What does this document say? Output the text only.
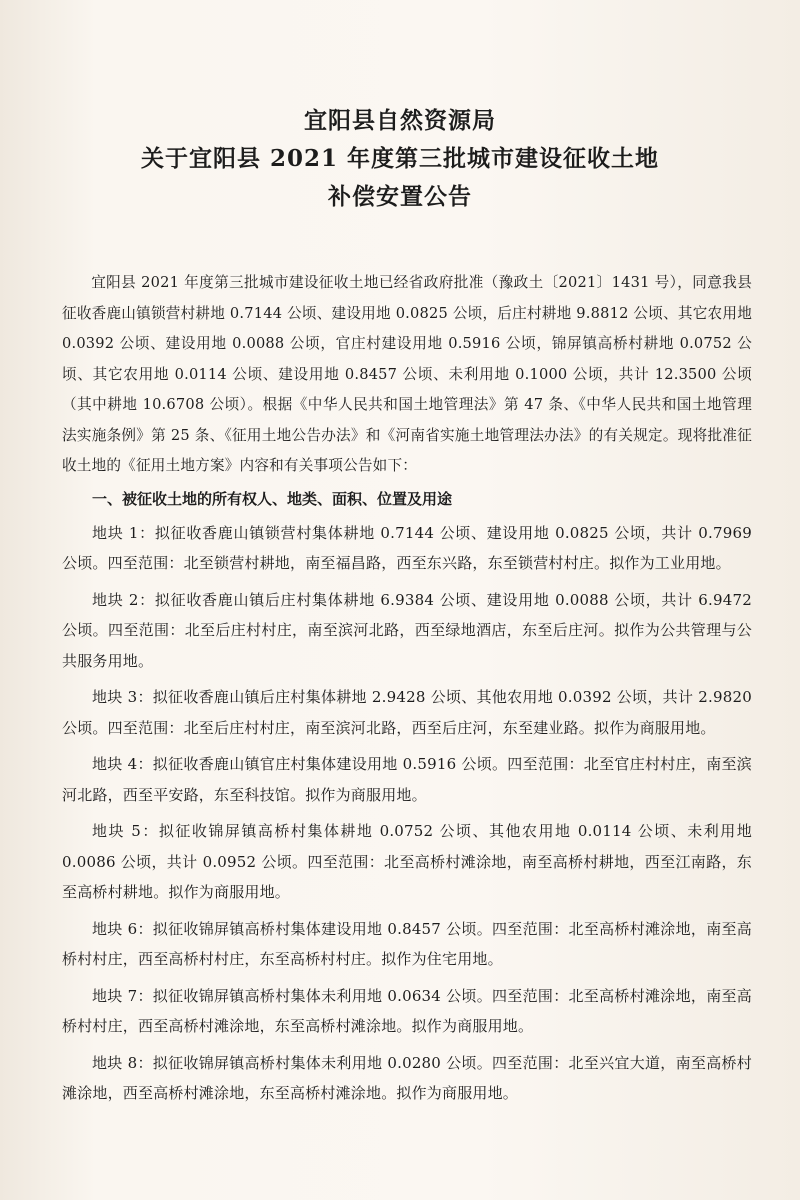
宜阳县自然资源局
关于宜阳县 2021 年度第三批城市建设征收土地
补偿安置公告

宜阳县 2021 年度第三批城市建设征收土地已经省政府批准（豫政土〔2021〕1431 号），同意我县征收香鹿山镇锁营村耕地 0.7144 公顷、建设用地 0.0825 公顷，后庄村耕地 9.8812 公顷、其它农用地 0.0392 公顷、建设用地 0.0088 公顷，官庄村建设用地 0.5916 公顷，锦屏镇高桥村耕地 0.0752 公顷、其它农用地 0.0114 公顷、建设用地 0.8457 公顷、未利用地 0.1000 公顷，共计 12.3500 公顷（其中耕地 10.6708 公顷）。根据《中华人民共和国土地管理法》第 47 条、《中华人民共和国土地管理法实施条例》第 25 条、《征用土地公告办法》和《河南省实施土地管理法办法》的有关规定。现将批准征收土地的《征用土地方案》内容和有关事项公告如下：

一、被征收土地的所有权人、地类、面积、位置及用途

地块 1：拟征收香鹿山镇锁营村集体耕地 0.7144 公顷、建设用地 0.0825 公顷，共计 0.7969 公顷。四至范围：北至锁营村耕地，南至福昌路，西至东兴路，东至锁营村村庄。拟作为工业用地。

地块 2：拟征收香鹿山镇后庄村集体耕地 6.9384 公顷、建设用地 0.0088 公顷，共计 6.9472 公顷。四至范围：北至后庄村村庄，南至滨河北路，西至绿地酒店，东至后庄河。拟作为公共管理与公共服务用地。

地块 3：拟征收香鹿山镇后庄村集体耕地 2.9428 公顷、其他农用地 0.0392 公顷，共计 2.9820 公顷。四至范围：北至后庄村村庄，南至滨河北路，西至后庄河，东至建业路。拟作为商服用地。

地块 4：拟征收香鹿山镇官庄村集体建设用地 0.5916 公顷。四至范围：北至官庄村村庄，南至滨河北路，西至平安路，东至科技馆。拟作为商服用地。

地块 5：拟征收锦屏镇高桥村集体耕地 0.0752 公顷、其他农用地 0.0114 公顷、未利用地 0.0086 公顷，共计 0.0952 公顷。四至范围：北至高桥村滩涂地，南至高桥村耕地，西至江南路，东至高桥村耕地。拟作为商服用地。

地块 6：拟征收锦屏镇高桥村集体建设用地 0.8457 公顷。四至范围：北至高桥村滩涂地，南至高桥村村庄，西至高桥村村庄，东至高桥村村庄。拟作为住宅用地。

地块 7：拟征收锦屏镇高桥村集体未利用地 0.0634 公顷。四至范围：北至高桥村滩涂地，南至高桥村村庄，西至高桥村滩涂地，东至高桥村滩涂地。拟作为商服用地。

地块 8：拟征收锦屏镇高桥村集体未利用地 0.0280 公顷。四至范围：北至兴宜大道，南至高桥村滩涂地，西至高桥村滩涂地，东至高桥村滩涂地。拟作为商服用地。
